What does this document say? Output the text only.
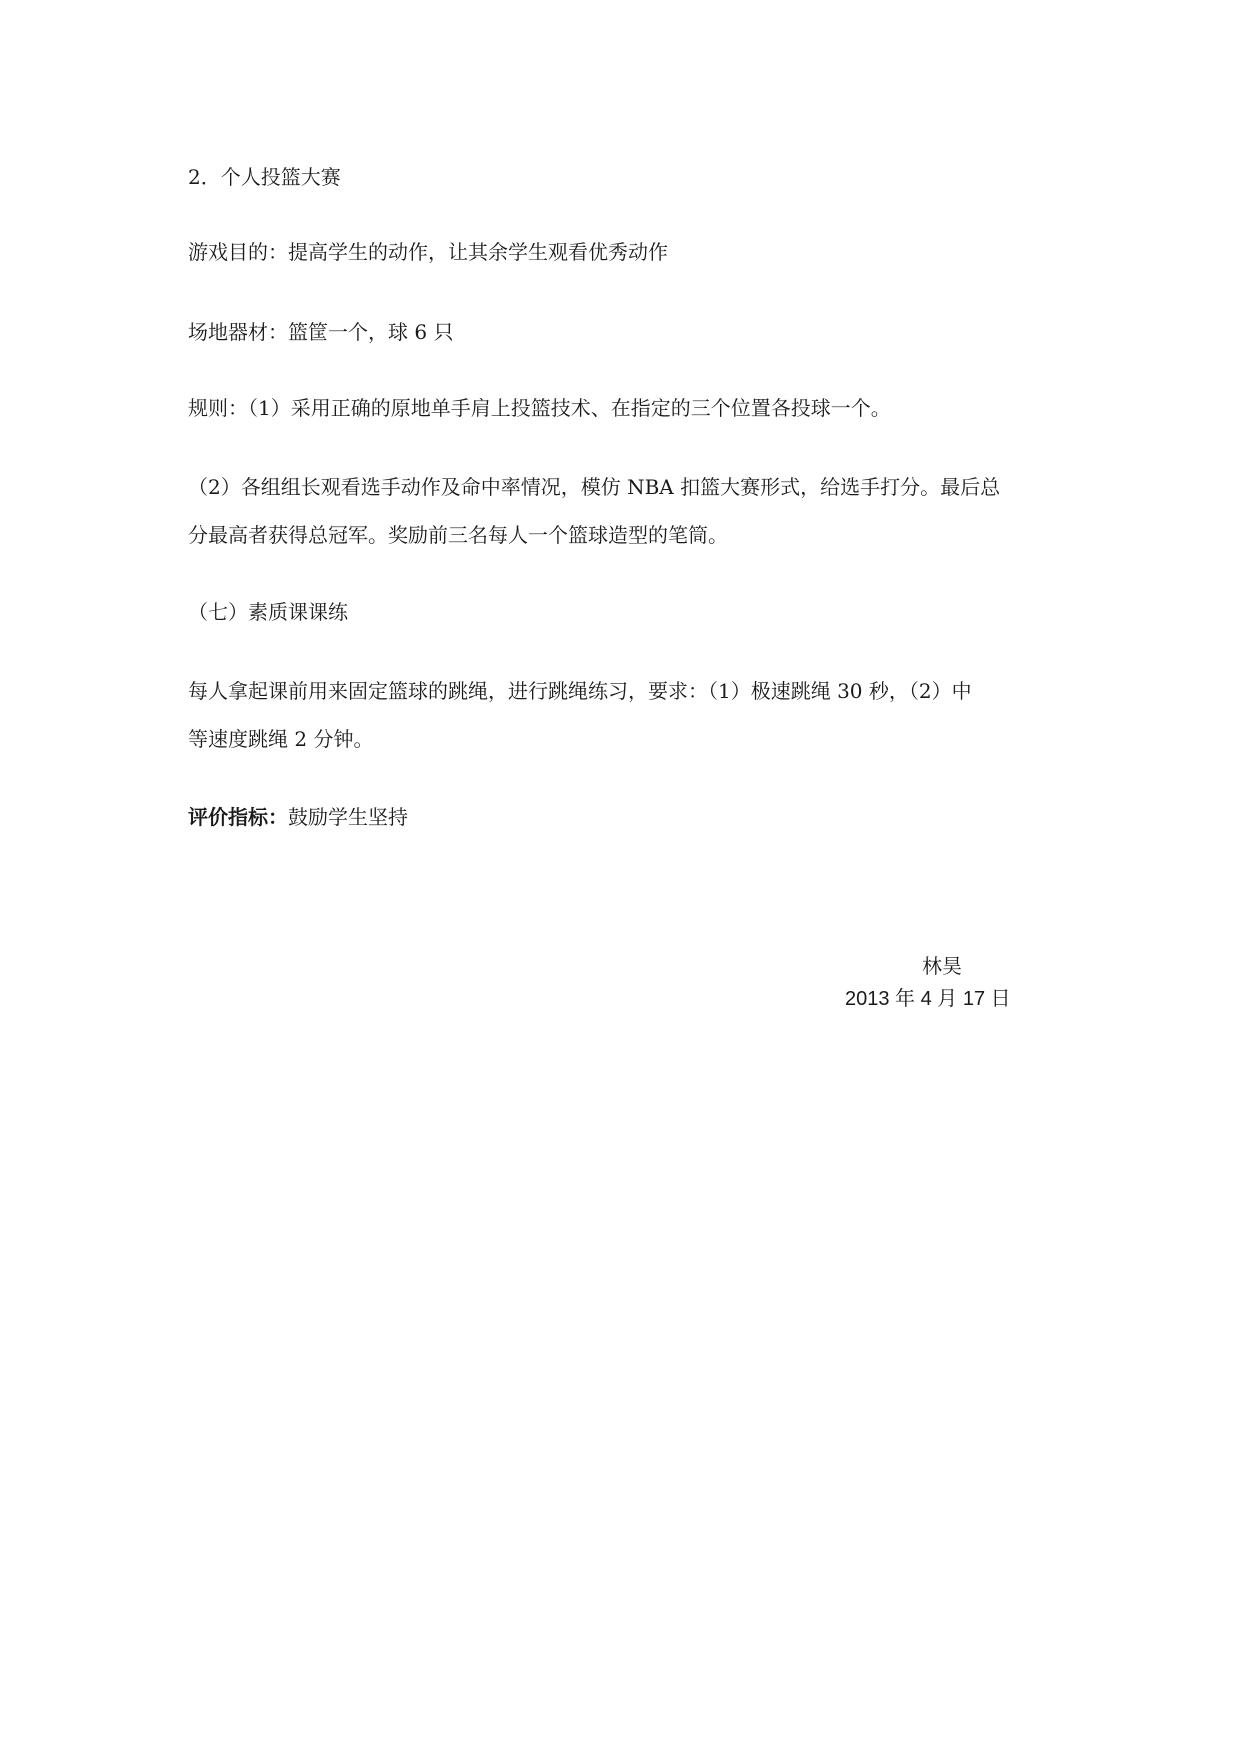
2．个人投篮大赛
游戏目的：提高学生的动作，让其余学生观看优秀动作
场地器材：篮筐一个，球 6 只
规则：（1）采用正确的原地单手肩上投篮技术、在指定的三个位置各投球一个。
（2）各组组长观看选手动作及命中率情况，模仿 NBA 扣篮大赛形式，给选手打分。最后总
分最高者获得总冠军。奖励前三名每人一个篮球造型的笔筒。
（七）素质课课练
每人拿起课前用来固定篮球的跳绳，进行跳绳练习，要求：（1）极速跳绳 30 秒，（2）中
等速度跳绳 2 分钟。
评价指标：鼓励学生坚持
林昊
2013 年 4 月 17 日
